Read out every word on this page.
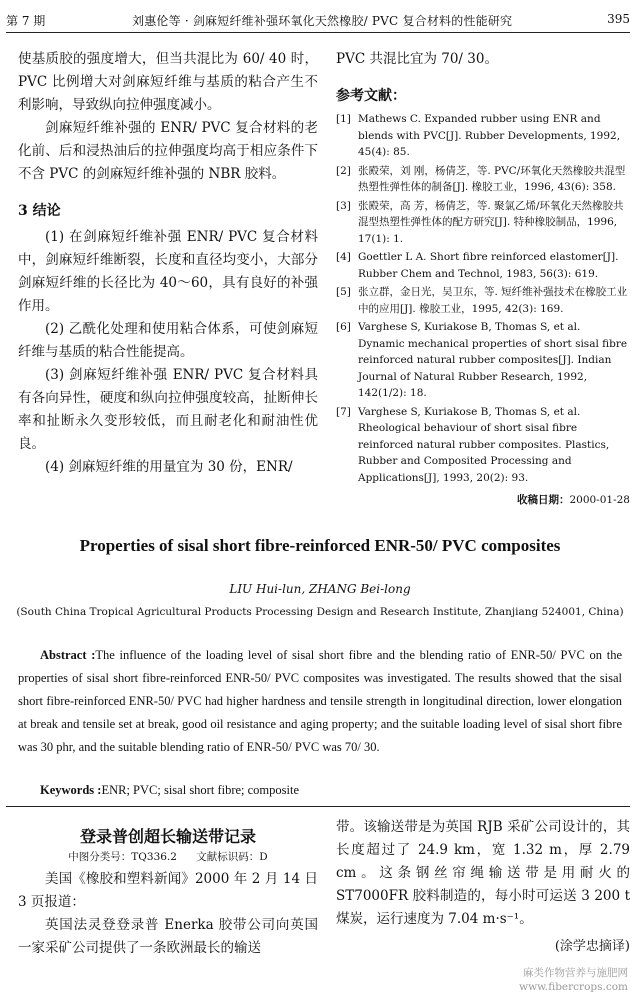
第 7 期	刘惠伦等 · 剑麻短纤维补强环氧化天然橡胶/ PVC 复合材料的性能研究	395

使基质胶的强度增大，但当共混比为 60/ 40 时，PVC 比例增大对剑麻短纤维与基质的粘合产生不利影响，导致纵向拉伸强度减小。

剑麻短纤维补强的 ENR/ PVC 复合材料的老化前、后和浸热油后的拉伸强度均高于相应条件下不含 PVC 的剑麻短纤维补强的 NBR 胶料。

3 结论

(1) 在剑麻短纤维补强 ENR/ PVC 复合材料中，剑麻短纤维断裂，长度和直径均变小，大部分剑麻短纤维的长径比为 40～60，具有良好的补强作用。

(2) 乙酰化处理和使用粘合体系，可使剑麻短纤维与基质的粘合性能提高。

(3) 剑麻短纤维补强 ENR/ PVC 复合材料具有各向异性，硬度和纵向拉伸强度较高，扯断伸长率和扯断永久变形较低，而且耐老化和耐油性优良。

(4) 剑麻短纤维的用量宜为 30 份，ENR/

PVC 共混比宜为 70/ 30。

参考文献：
[1] Mathews C. Expanded rubber using ENR and blends with PVC[J]. Rubber Developments, 1992, 45(4): 85.
[2] 张殿荣，刘 刚，杨倩芝，等. PVC/环氧化天然橡胶共混型热塑性弹性体的制备[J]. 橡胶工业，1996, 43(6): 358.
[3] 张殿荣，高 芳，杨倩芝，等. 聚氯乙烯/环氧化天然橡胶共混型热塑性弹性体的配方研究[J]. 特种橡胶制品，1996, 17(1): 1.
[4] Goettler L A. Short fibre reinforced elastomer[J]. Rubber Chem and Technol, 1983, 56(3): 619.
[5] 张立群，金日光，吴卫东，等. 短纤维补强技术在橡胶工业中的应用[J]. 橡胶工业，1995, 42(3): 169.
[6] Varghese S, Kuriakose B, Thomas S, et al. Dynamic mechanical properties of short sisal fibre reinforced natural rubber composites[J]. Indian Journal of Natural Rubber Research, 1992, 142(1/2): 18.
[7] Varghese S, Kuriakose B, Thomas S, et al. Rheological behaviour of short sisal fibre reinforced natural rubber composites. Plastics, Rubber and Composited Processing and Applications[J], 1993, 20(2): 93.
收稿日期：2000-01-28
Properties of sisal short fibre-reinforced ENR-50/ PVC composites
LIU Hui-lun, ZHANG Bei-long
(South China Tropical Agricultural Products Processing Design and Research Institute, Zhanjiang 524001, China)
Abstract :The influence of the loading level of sisal short fibre and the blending ratio of ENR-50/ PVC on the properties of sisal short fibre-reinforced ENR-50/ PVC composites was investigated. The results showed that the sisal short fibre-reinforced ENR-50/ PVC had higher hardness and tensile strength in longitudinal direction, lower elongation at break and tensile set at break, good oil resistance and aging property; and the suitable loading level of sisal short fibre was 30 phr, and the suitable blending ratio of ENR-50/ PVC was 70/ 30.
Keywords :ENR; PVC; sisal short fibre; composite
登录普创超长输送带记录
中图分类号：TQ336.2 文献标识码：D

美国《橡胶和塑料新闻》2000 年 2 月 14 日 3 页报道：

英国法灵登登录普 Enerka 胶带公司向英国一家采矿公司提供了一条欧洲最长的输送

带。该输送带是为英国 RJB 采矿公司设计的，其长度超过了 24.9 km，宽 1.32 m，厚 2.79 cm。这条钢丝帘绳输送带是用耐火的 ST7000FR 胶料制造的，每小时可运送 3 200 t 煤炭，运行速度为 7.04 m·s⁻¹。

(涂学忠摘译)
麻类作物营养与施肥网
www.fibercrops.com
